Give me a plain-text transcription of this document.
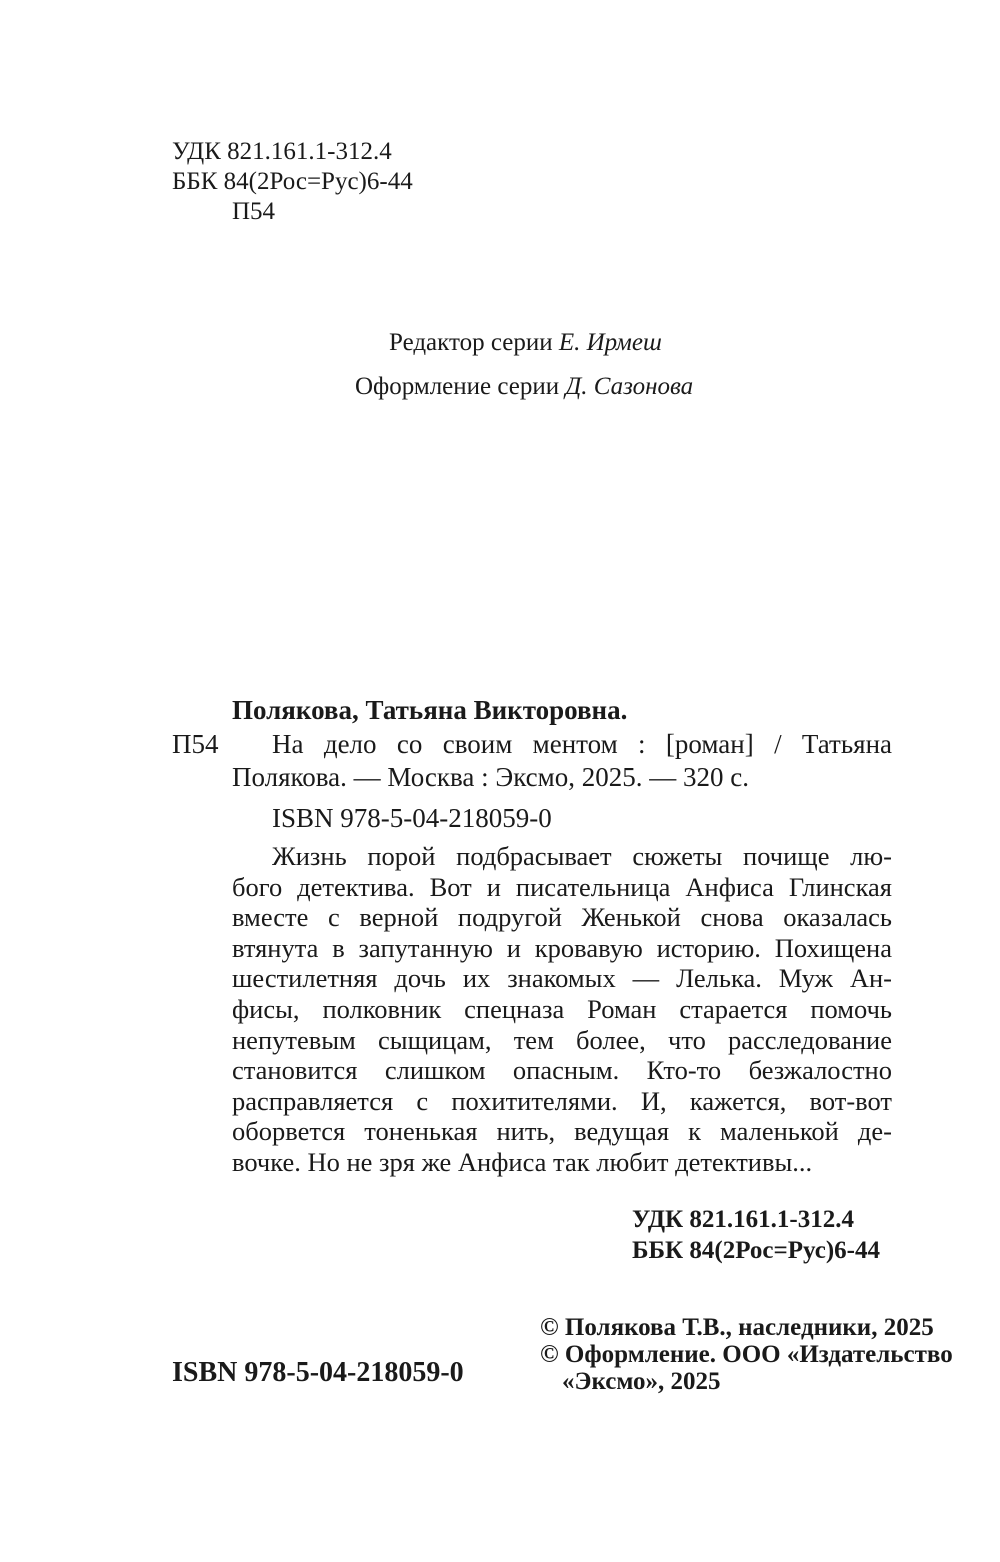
УДК 821.161.1-312.4
ББК 84(2Рос=Рус)6-44
П54
Редактор серии Е. Ирмеш
Оформление серии Д. Сазонова
Полякова, Татьяна Викторовна.
П54 На дело со своим ментом : [роман] / Татьяна
Полякова. — Москва : Эксмо, 2025. — 320 с.
ISBN 978-5-04-218059-0
Жизнь порой подбрасывает сюжеты почище лю-
бого детектива. Вот и писательница Анфиса Глинская
вместе с верной подругой Женькой снова оказалась
втянута в запутанную и кровавую историю. Похищена
шестилетняя дочь их знакомых — Лелька. Муж Ан-
фисы, полковник спецназа Роман старается помочь
непутевым сыщицам, тем более, что расследование
становится слишком опасным. Кто-то безжалостно
расправляется с похитителями. И, кажется, вот-вот
оборвется тоненькая нить, ведущая к маленькой де-
вочке. Но не зря же Анфиса так любит детективы...
УДК 821.161.1-312.4
ББК 84(2Рос=Рус)6-44
ISBN 978-5-04-218059-0
© Полякова Т.В., наследники, 2025
© Оформление. ООО «Издательство
«Эксмо», 2025
